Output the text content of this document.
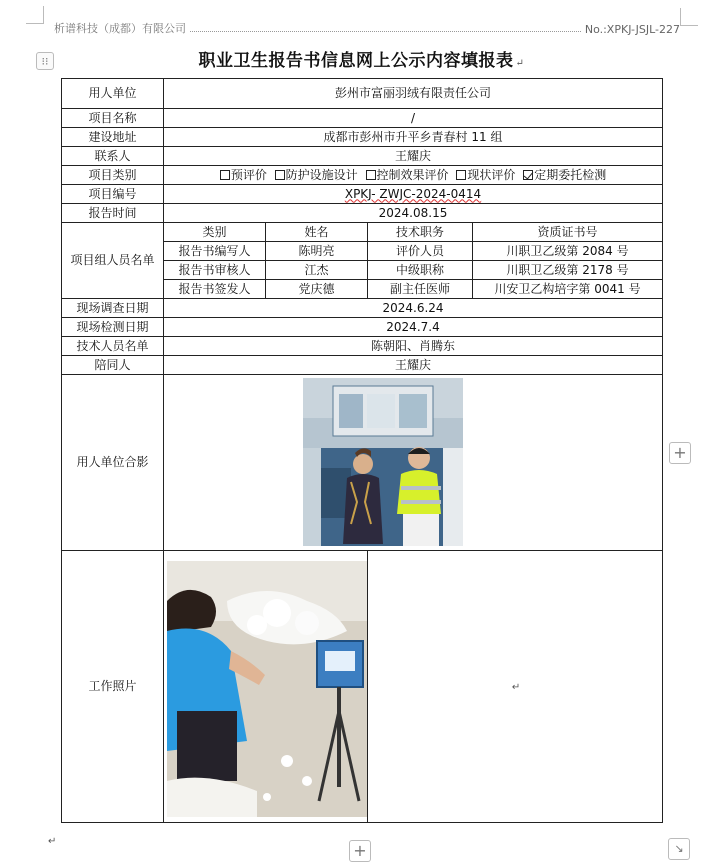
析谱科技（成都）有限公司	No.:XPKJ-JSJL-227
⁝⁝	职业卫生报告书信息网上公示内容填报表 ↵
用人单位	彭州市富丽羽绒有限责任公司			
项目名称	/			
建设地址	成都市彭州市升平乡青春村 11 组			
联系人	王耀庆			
项目类别	预评价 防护设施设计 控制效果评价 现状评价 定期委托检测			
项目编号	XPKJ- ZWJC-2024-0414			
报告时间	2024.08.15			
项目组人员名单	类别	姓名	技术职务	资质证书号
	报告书编写人	陈明亮	评价人员	川职卫乙级第 2084 号
	报告书审核人	江杰	中级职称	川职卫乙级第 2178 号
	报告书签发人	党庆德	副主任医师	川安卫乙构培字第 0041 号
现场调查日期	2024.6.24			
现场检测日期	2024.7.4			
技术人员名单	陈朝阳、肖腾东			
陪同人	王耀庆			
用人单位合影	

工作照片			↵	
+
+	↘
↵
